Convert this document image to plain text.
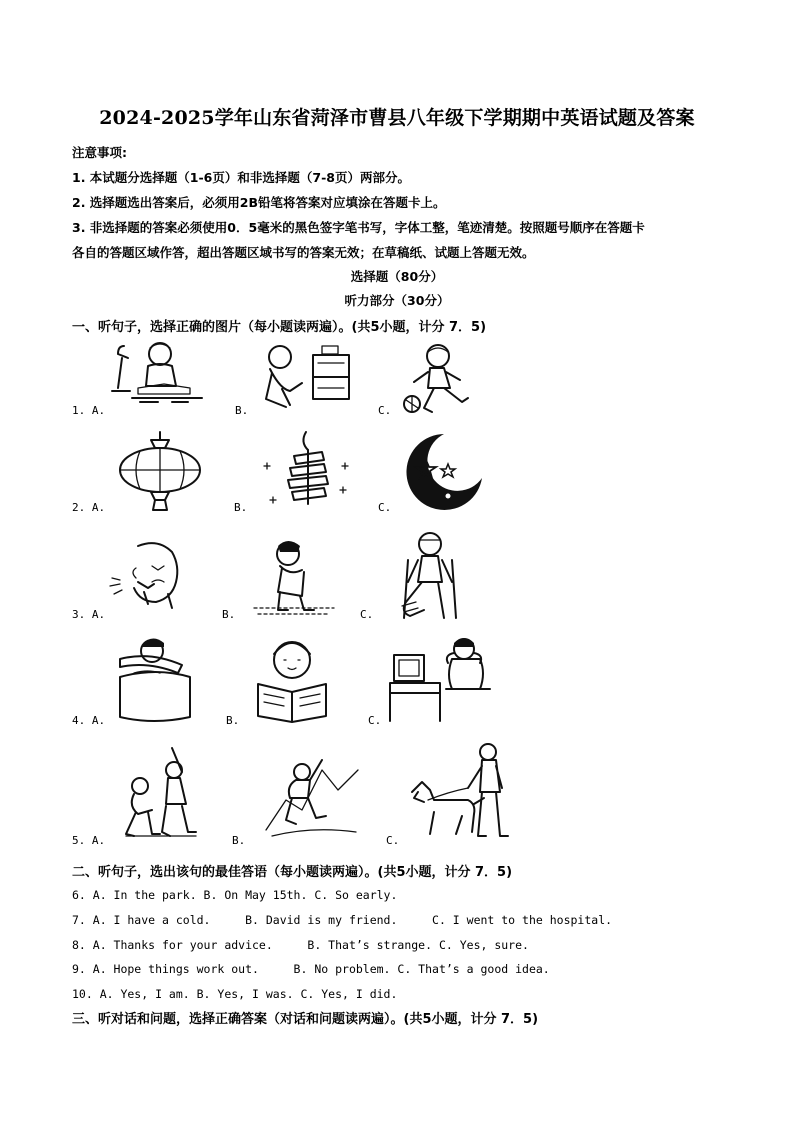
2024-2025学年山东省菏泽市曹县八年级下学期期中英语试题及答案
注意事项:
1. 本试题分选择题（1-6页）和非选择题（7-8页）两部分。
2. 选择题选出答案后，必须用2B铅笔将答案对应填涂在答题卡上。
3. 非选择题的答案必须使用0．5毫米的黑色签字笔书写，字体工整，笔迹清楚。按照题号顺序在答题卡
各自的答题区域作答，超出答题区域书写的答案无效；在草稿纸、试题上答题无效。
选择题（80分）
听力部分（30分）
一、听句子，选择正确的图片（每小题读两遍）。(共5小题，计分 7．5)
1. A.	B.	C.
2. A.	B.	C.
3. A.	B.	C.
4. A.	B.	C.
5. A.	B.	C.
二、听句子，选出该句的最佳答语（每小题读两遍）。(共5小题，计分 7．5)
6. A. In the park. B. On May 15th. C. So early.
7. A. I have a cold.     B. David is my friend.     C. I went to the hospital.
8. A. Thanks for your advice.     B. That’s strange. C. Yes, sure.
9. A. Hope things work out.     B. No problem. C. That’s a good idea.
10. A. Yes, I am. B. Yes, I was. C. Yes, I did.
三、听对话和问题，选择正确答案（对话和问题读两遍）。(共5小题，计分 7．5)
